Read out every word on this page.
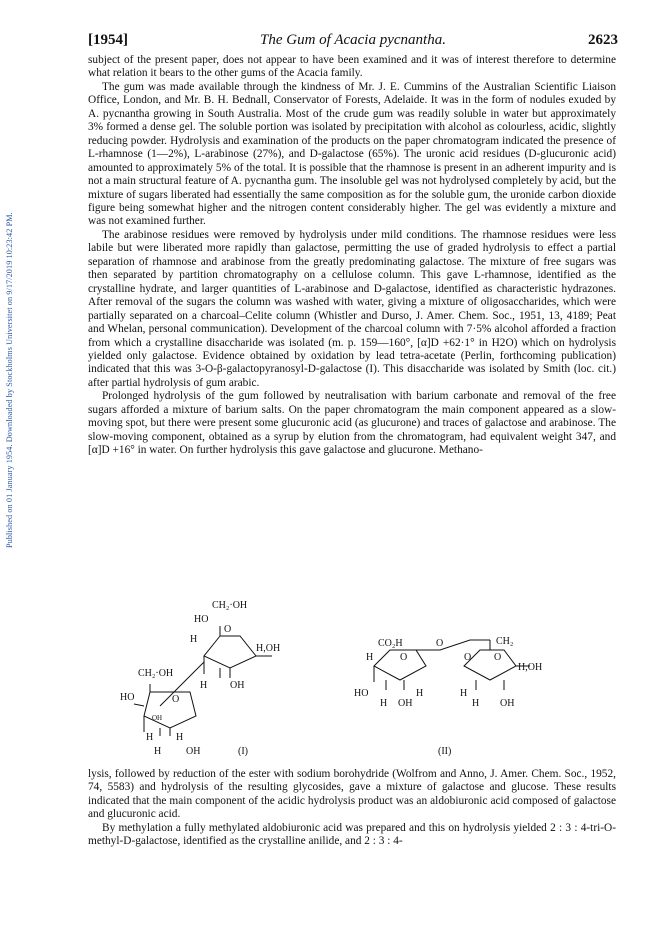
Published on 01 January 1954. Downloaded by Stockholms Universitet on 9/17/2019 10:23:42 PM.
[1954]	The Gum of Acacia pycnantha.	2623

subject of the present paper, does not appear to have been examined and it was of interest therefore to determine what relation it bears to the other gums of the Acacia family.

The gum was made available through the kindness of Mr. J. E. Cummins of the Australian Scientific Liaison Office, London, and Mr. B. H. Bednall, Conservator of Forests, Adelaide. It was in the form of nodules exuded by A. pycnantha growing in South Australia. Most of the crude gum was readily soluble in water but approximately 3% formed a dense gel. The soluble portion was isolated by precipitation with alcohol as colourless, acidic, slightly reducing powder. Hydrolysis and examination of the products on the paper chromatogram indicated the presence of L-rhamnose (1—2%), L-arabinose (27%), and D-galactose (65%). The uronic acid residues (D-glucuronic acid) amounted to approximately 5% of the total. It is possible that the rhamnose is present in an adherent impurity and is not a main structural feature of A. pycnantha gum. The insoluble gel was not hydrolysed completely by acid, but the mixture of sugars liberated had essentially the same composition as for the soluble gum, the uronide carbon dioxide figure being somewhat higher and the nitrogen content considerably higher. The gel was evidently a mixture and was not examined further.

The arabinose residues were removed by hydrolysis under mild conditions. The rhamnose residues were less labile but were liberated more rapidly than galactose, permitting the use of graded hydrolysis to effect a partial separation of rhamnose and arabinose from the greatly predominating galactose. The mixture of free sugars was then separated by partition chromatography on a cellulose column. This gave L-rhamnose, identified as the crystalline hydrate, and larger quantities of L-arabinose and D-galactose, identified as characteristic hydrazones. After removal of the sugars the column was washed with water, giving a mixture of oligosaccharides, which were partially separated on a charcoal–Celite column (Whistler and Durso, J. Amer. Chem. Soc., 1951, 13, 4189; Peat and Whelan, personal communication). Development of the charcoal column with 7·5% alcohol afforded a fraction from which a crystalline disaccharide was isolated (m. p. 159—160°, [α]D +62·1° in H2O) which on hydrolysis yielded only galactose. Evidence obtained by oxidation by lead tetra-acetate (Perlin, forthcoming publication) indicated that this was 3-O-β-galactopyranosyl-D-galactose (I). This disaccharide was isolated by Smith (loc. cit.) after partial hydrolysis of gum arabic.

Prolonged hydrolysis of the gum followed by neutralisation with barium carbonate and removal of the free sugars afforded a mixture of barium salts. On the paper chromatogram the main component appeared as a slow-moving spot, but there were present some glucuronic acid (as glucurone) and traces of galactose and arabinose. The slow-moving component, obtained as a syrup by elution from the chromatogram, had equivalent weight 347, and [α]D +16° in water. On further hydrolysis this gave galactose and glucurone. Methano-

CH₂·OH
HO
O
H
H,OH
H OH
CH₂·OH
HO	O
OH
H H
H OH	(I)
CO₂H
H	O
HO
H OH
H
O	CH₂
O O
H,OH
H
H OH
(II)

lysis, followed by reduction of the ester with sodium borohydride (Wolfrom and Anno, J. Amer. Chem. Soc., 1952, 74, 5583) and hydrolysis of the resulting glycosides, gave a mixture of galactose and glucose. These results indicated that the main component of the acidic hydrolysis product was an aldobiuronic acid composed of galactose and glucuronic acid.

By methylation a fully methylated aldobiuronic acid was prepared and this on hydrolysis yielded 2 : 3 : 4-tri-O-methyl-D-galactose, identified as the crystalline anilide, and 2 : 3 : 4-
